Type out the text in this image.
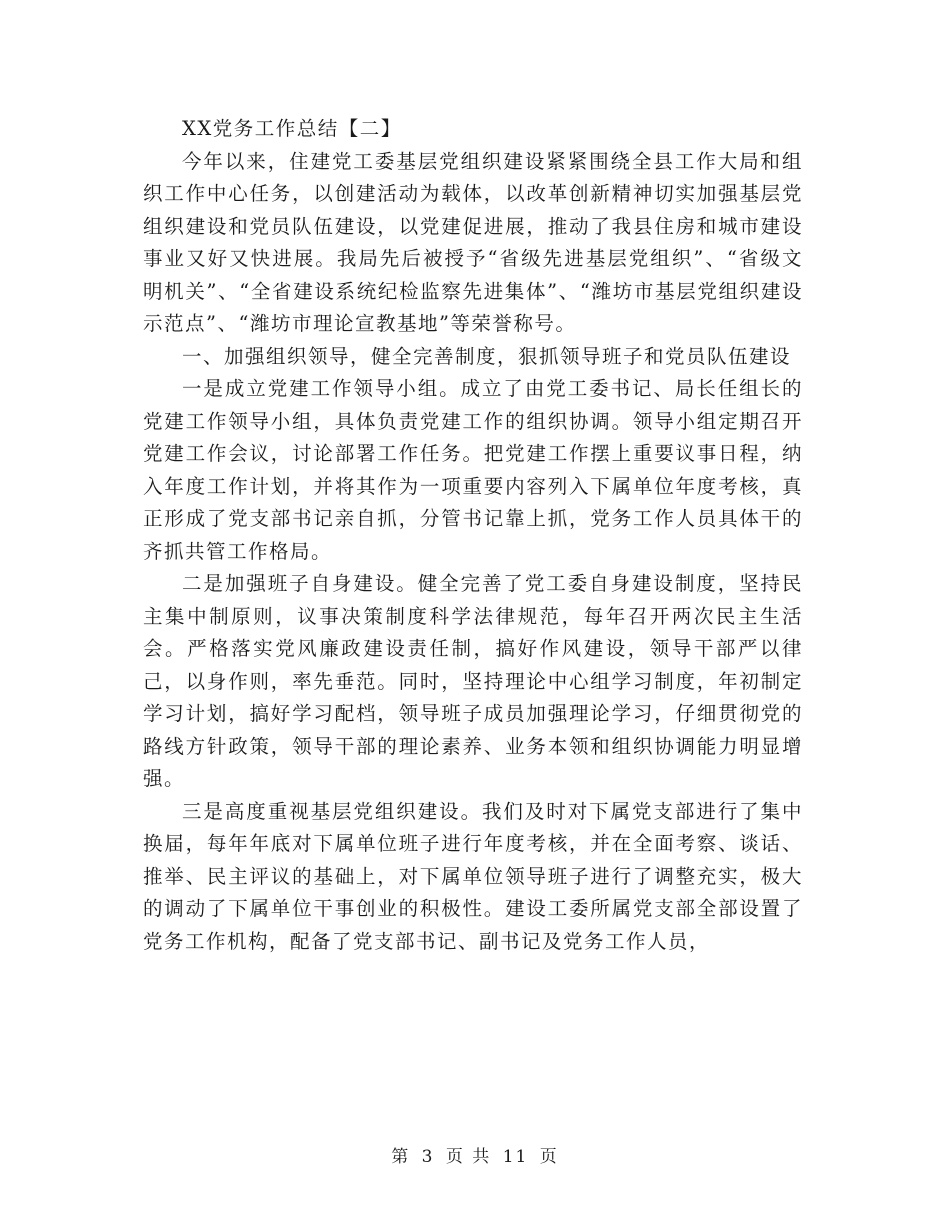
XX党务工作总结【二】

今年以来，住建党工委基层党组织建设紧紧围绕全县工作大局和组织工作中心任务，以创建活动为载体，以改革创新精神切实加强基层党组织建设和党员队伍建设，以党建促进展，推动了我县住房和城市建设事业又好又快进展。我局先后被授予“省级先进基层党组织”、“省级文明机关”、“全省建设系统纪检监察先进集体”、“潍坊市基层党组织建设示范点”、“潍坊市理论宣教基地”等荣誉称号。

一、加强组织领导，健全完善制度，狠抓领导班子和党员队伍建设

一是成立党建工作领导小组。成立了由党工委书记、局长任组长的党建工作领导小组，具体负责党建工作的组织协调。领导小组定期召开党建工作会议，讨论部署工作任务。把党建工作摆上重要议事日程，纳入年度工作计划，并将其作为一项重要内容列入下属单位年度考核，真正形成了党支部书记亲自抓，分管书记靠上抓，党务工作人员具体干的齐抓共管工作格局。

二是加强班子自身建设。健全完善了党工委自身建设制度，坚持民主集中制原则，议事决策制度科学法律规范，每年召开两次民主生活会。严格落实党风廉政建设责任制，搞好作风建设，领导干部严以律己，以身作则，率先垂范。同时，坚持理论中心组学习制度，年初制定学习计划，搞好学习配档，领导班子成员加强理论学习，仔细贯彻党的路线方针政策，领导干部的理论素养、业务本领和组织协调能力明显增强。

三是高度重视基层党组织建设。我们及时对下属党支部进行了集中换届，每年年底对下属单位班子进行年度考核，并在全面考察、谈话、推举、民主评议的基础上，对下属单位领导班子进行了调整充实，极大的调动了下属单位干事创业的积极性。建设工委所属党支部全部设置了党务工作机构，配备了党支部书记、副书记及党务工作人员，

第 3 页 共 11 页
